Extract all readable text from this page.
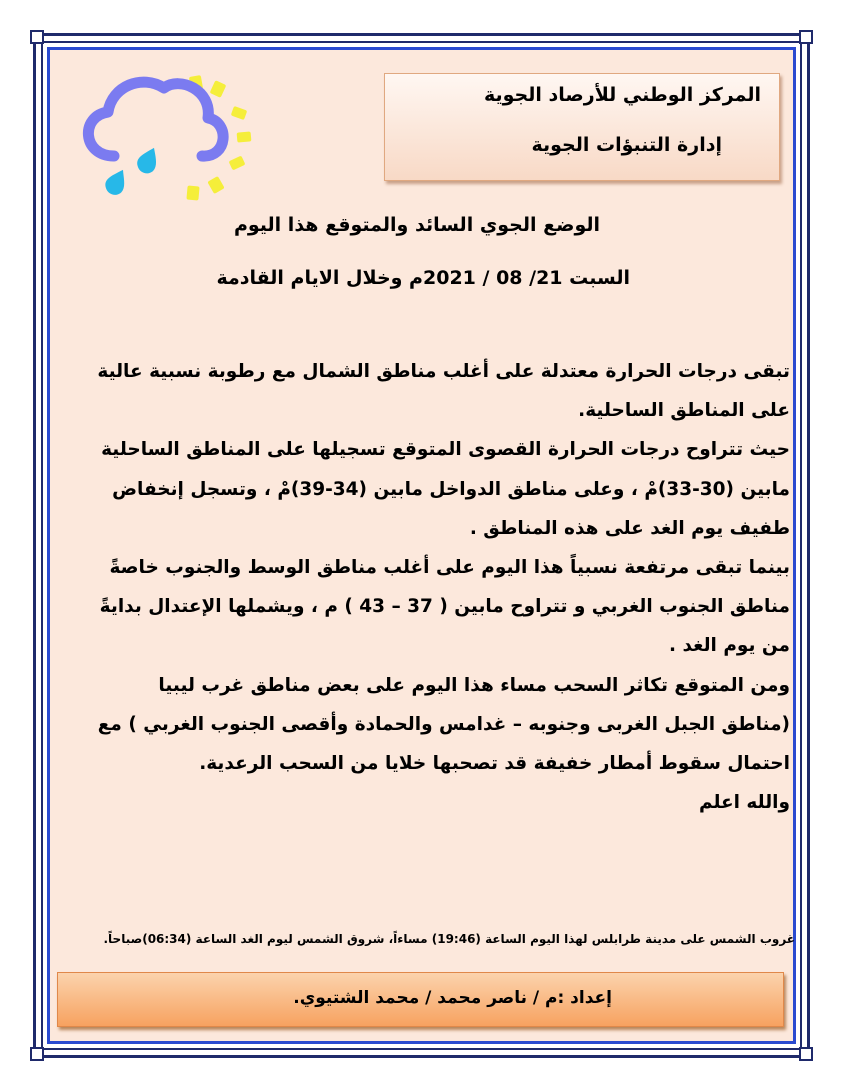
المركز الوطني للأرصاد الجوية
إدارة التنبؤات الجوية
الوضع الجوي السائد والمتوقع هذا اليوم
السبت 21/ 08 / 2021م وخلال الايام القادمة

تبقى درجات الحرارة معتدلة على أغلب مناطق الشمال مع رطوبة نسبية عالية

على المناطق الساحلية.

حيث تتراوح درجات الحرارة القصوى المتوقع تسجيلها على المناطق الساحلية

مابين (30-33)مْ ، وعلى مناطق الدواخل مابين (34-39)مْ ، وتسجل إنخفاض

طفيف يوم الغد على هذه المناطق .

بينما تبقى مرتفعة نسبياً هذا اليوم على أغلب مناطق الوسط والجنوب خاصةً

مناطق الجنوب الغربي و تتراوح مابين ( 37 – 43 ) م ، ويشملها الإعتدال بدايةً

من يوم الغد .

ومن المتوقع تكاثر السحب مساء هذا اليوم على بعض مناطق غرب ليبيا

(مناطق الجبل الغربى وجنوبه – غدامس والحمادة وأقصى الجنوب الغربي ) مع

احتمال سقوط أمطار خفيفة قد تصحبها خلايا من السحب الرعدية.

والله اعلم

غروب الشمس على مدينة طرابلس لهذا اليوم الساعة (19:46) مساءاً، شروق الشمس ليوم الغد الساعة (06:34)صباحاً.
إعداد :م / ناصر محمد / محمد الشتيوي.
